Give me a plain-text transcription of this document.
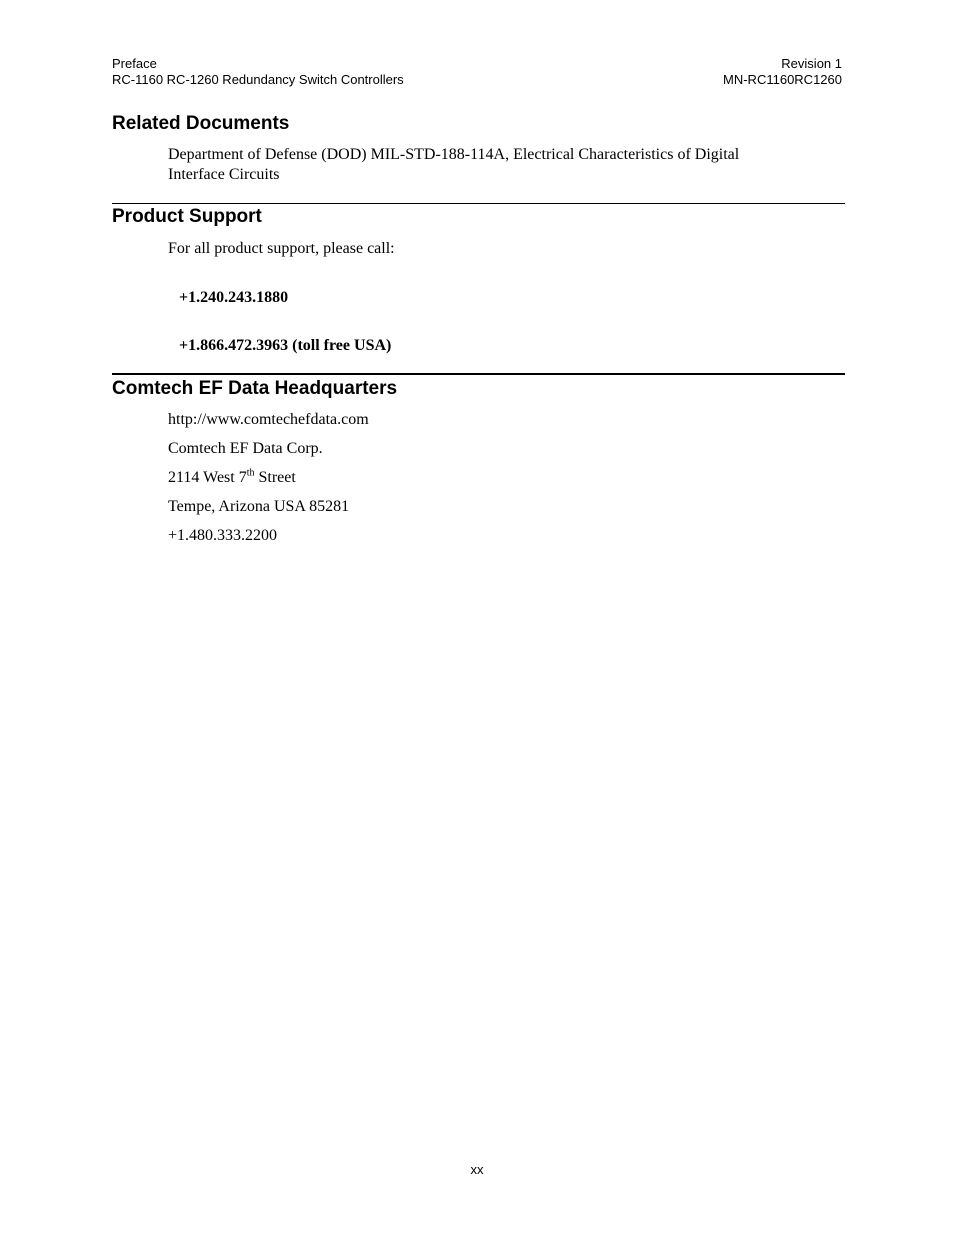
Preface
RC-1160 RC-1260 Redundancy Switch Controllers
Revision 1
MN-RC1160RC1260
Related Documents

Department of Defense (DOD) MIL-STD-188-114A, Electrical Characteristics of Digital

Interface Circuits

Product Support

For all product support, please call:

+1.240.243.1880

+1.866.472.3963 (toll free USA)

Comtech EF Data Headquarters

http://www.comtechefdata.com

Comtech EF Data Corp.

2114 West 7th Street

Tempe, Arizona USA 85281

+1.480.333.2200

xx
